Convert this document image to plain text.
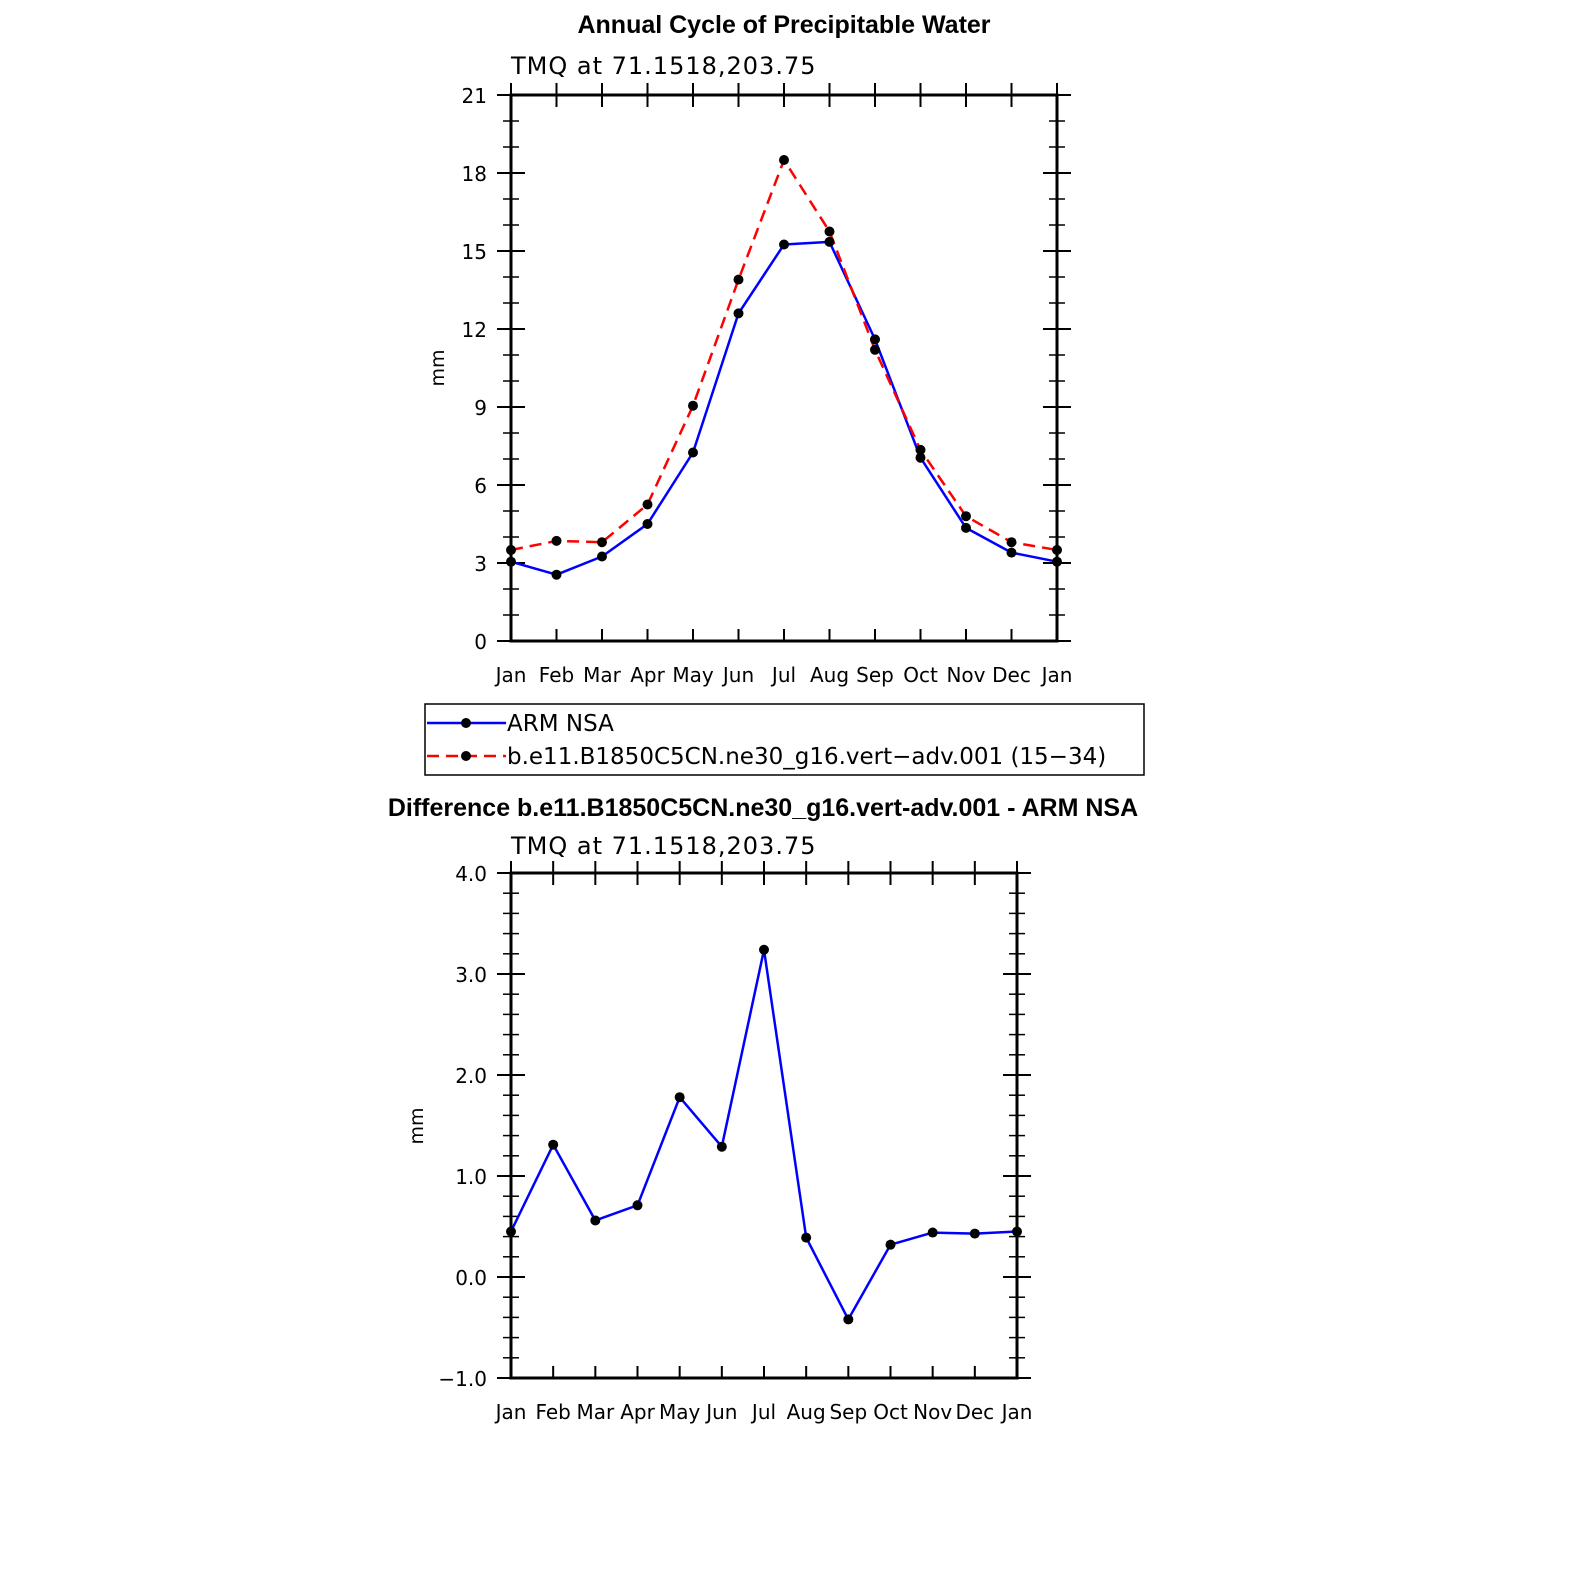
Annual Cycle of Precipitable Water
TMQ at 71.1518,203.75
mm
Jan Feb Mar Apr May Jun Jul Aug Sep Oct Nov Dec Jan
0
3
6
9
12
15
18
21
ARM NSA
b.e11.B1850C5CN.ne30_g16.vert−adv.001 (15−34)
Difference b.e11.B1850C5CN.ne30_g16.vert-adv.001 - ARM NSA
TMQ at 71.1518,203.75
mm
Jan Feb Mar Apr May Jun Jul Aug Sep Oct Nov Dec Jan
−1.0
0.0
1.0
2.0
3.0
4.0
